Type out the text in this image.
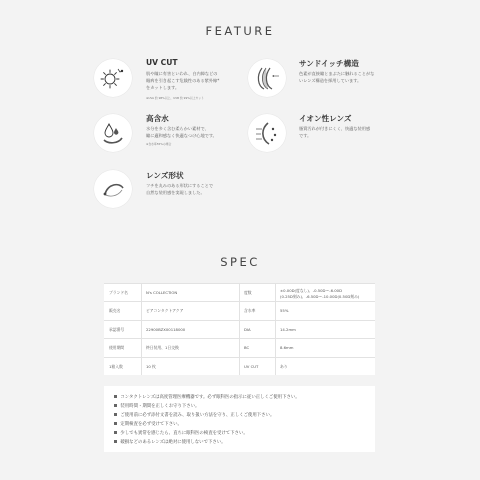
FEATURE
UV CUT
肌や瞳に有害といわれ、白内障などの
眼病を引き起こす危険性のある紫外線*
をカットします。
※UVA 約 98%以上、UVB 約 99%以上カット
サンドイッチ構造
色素が直接瞳とまぶたに触れることがな
いレンズ構造を採用しています。
高含水
水分を多く含む柔らかい素材で、
瞳に適和感なく快適なつけ心地です。
※含水率55%の場合
イオン性レンズ
脂質汚れが付きにくく、快適な装用感
です。
レンズ形状
フチを丸みのある形状にすることで
自然な装用感を実現しました。
SPEC
ブランド名	N's COLLECTION	度数	±0.00D(度なし)、-0.50D〜-6.00D
(0.25D刻み)、-6.50D〜-10.00D(0.50D刻み)
販売名	ピアコンタクトアクア	含水率	55%
承認番号	22900BZX00118000	DIA	14.2mm
使用期間	終日装用、1日交換	BC	8.6mm
1箱入数	10 枚	UV CUT	あり
コンタクトレンズは高度管理医療機器です。必ず眼科医の指示に従い正しくご使用下さい。
装用時間・期間を正しくお守り下さい。
ご使用前に必ず添付文書を読み、取り扱い方法を守り、正しくご使用下さい。
定期検査を必ず受けて下さい。
少しでも異常を感じたら、直ちに眼科医の検査を受けて下さい。
破損などのあるレンズは絶対に使用しないで下さい。
